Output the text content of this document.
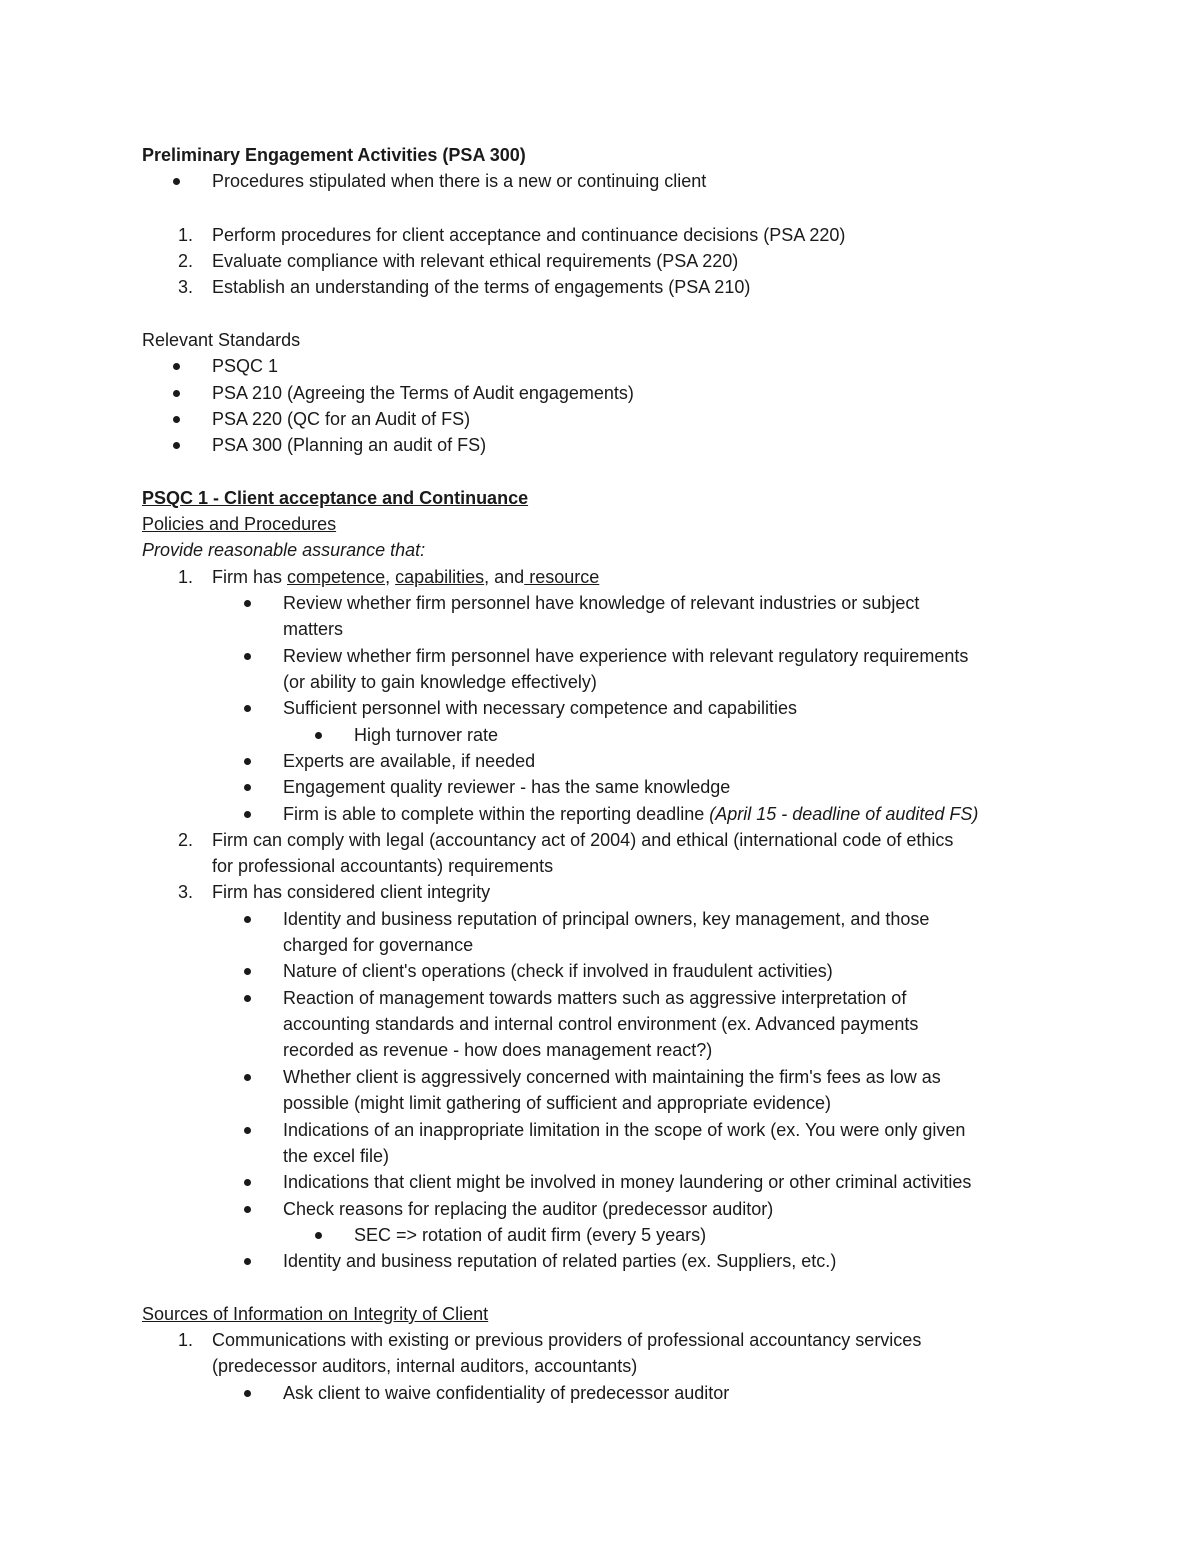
Preliminary Engagement Activities (PSA 300)
Procedures stipulated when there is a new or continuing client
1. Perform procedures for client acceptance and continuance decisions (PSA 220)
2. Evaluate compliance with relevant ethical requirements (PSA 220)
3. Establish an understanding of the terms of engagements (PSA 210)
Relevant Standards
PSQC 1
PSA 210 (Agreeing the Terms of Audit engagements)
PSA 220 (QC for an Audit of FS)
PSA 300 (Planning an audit of FS)
PSQC 1 - Client acceptance and Continuance
Policies and Procedures
Provide reasonable assurance that:
1. Firm has competence, capabilities, and resource
Review whether firm personnel have knowledge of relevant industries or subject
matters
Review whether firm personnel have experience with relevant regulatory requirements
(or ability to gain knowledge effectively)
Sufficient personnel with necessary competence and capabilities
High turnover rate
Experts are available, if needed
Engagement quality reviewer - has the same knowledge
Firm is able to complete within the reporting deadline (April 15 - deadline of audited FS)
2. Firm can comply with legal (accountancy act of 2004) and ethical (international code of ethics
for professional accountants) requirements
3. Firm has considered client integrity
Identity and business reputation of principal owners, key management, and those
charged for governance
Nature of client's operations (check if involved in fraudulent activities)
Reaction of management towards matters such as aggressive interpretation of
accounting standards and internal control environment (ex. Advanced payments
recorded as revenue - how does management react?)
Whether client is aggressively concerned with maintaining the firm's fees as low as
possible (might limit gathering of sufficient and appropriate evidence)
Indications of an inappropriate limitation in the scope of work (ex. You were only given
the excel file)
Indications that client might be involved in money laundering or other criminal activities
Check reasons for replacing the auditor (predecessor auditor)
SEC => rotation of audit firm (every 5 years)
Identity and business reputation of related parties (ex. Suppliers, etc.)
Sources of Information on Integrity of Client
1. Communications with existing or previous providers of professional accountancy services
(predecessor auditors, internal auditors, accountants)
Ask client to waive confidentiality of predecessor auditor
